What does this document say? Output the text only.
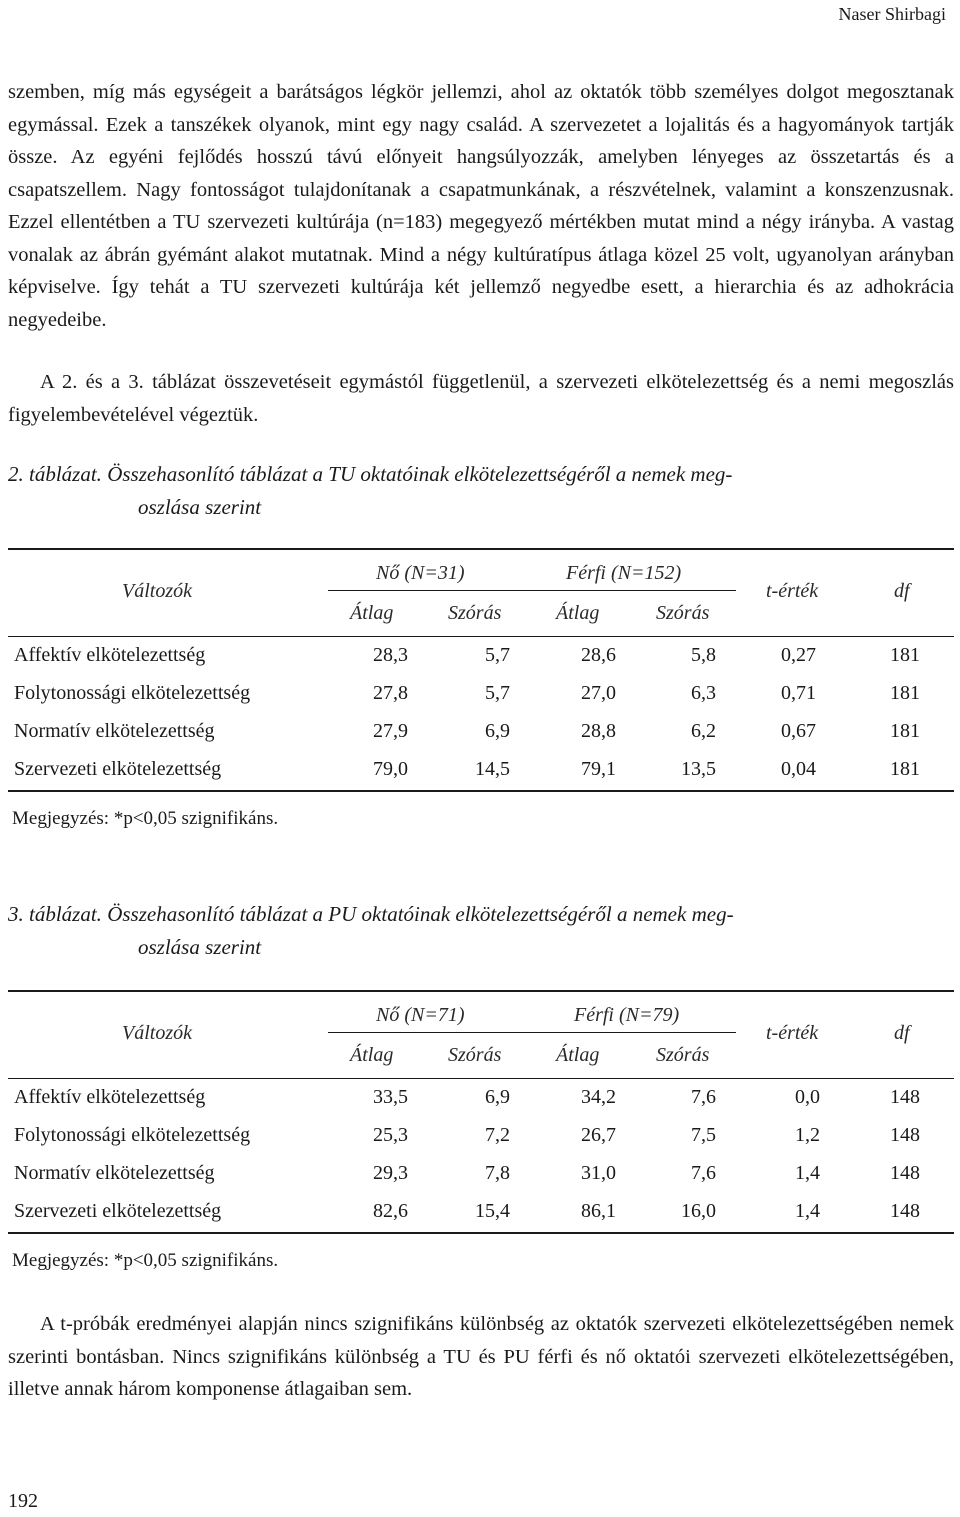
Naser Shirbagi

szemben, míg más egységeit a barátságos légkör jellemzi, ahol az oktatók több személyes dolgot megosztanak egymással. Ezek a tanszékek olyanok, mint egy nagy család. A szervezetet a lojalitás és a hagyományok tartják össze. Az egyéni fejlődés hosszú távú előnyeit hangsúlyozzák, amelyben lényeges az összetartás és a csapatszellem. Nagy fontosságot tulajdonítanak a csapatmunkának, a részvételnek, valamint a konszenzusnak. Ezzel ellentétben a TU szervezeti kultúrája (n=183) megegyező mértékben mutat mind a négy irányba. A vastag vonalak az ábrán gyémánt alakot mutatnak. Mind a négy kultúratípus átlaga közel 25 volt, ugyanolyan arányban képviselve. Így tehát a TU szervezeti kultúrája két jellemző negyedbe esett, a hierarchia és az adhokrácia negyedeibe.

A 2. és a 3. táblázat összevetéseit egymástól függetlenül, a szervezeti elkötelezettség és a nemi megoszlás figyelembevételével végeztük.

2. táblázat. Összehasonlító táblázat a TU oktatóinak elkötelezettségéről a nemek meg-
oszlása szerint

Változók
Nő (N=31)	Férfi (N=152)
Átlag	Szórás	Átlag	Szórás
t-érték	df
Affektív elkötelezettség	28,3	5,7	28,6	5,8	0,27	181
Folytonossági elkötelezettség	27,8	5,7	27,0	6,3	0,71	181
Normatív elkötelezettség	27,9	6,9	28,8	6,2	0,67	181
Szervezeti elkötelezettség	79,0	14,5	79,1	13,5	0,04	181
Megjegyzés: *p<0,05 szignifikáns.

3. táblázat. Összehasonlító táblázat a PU oktatóinak elkötelezettségéről a nemek meg-
oszlása szerint

Változók
Nő (N=71)	Férfi (N=79)
Átlag	Szórás	Átlag	Szórás
t-érték	df
Affektív elkötelezettség	33,5	6,9	34,2	7,6	0,0	148
Folytonossági elkötelezettség	25,3	7,2	26,7	7,5	1,2	148
Normatív elkötelezettség	29,3	7,8	31,0	7,6	1,4	148
Szervezeti elkötelezettség	82,6	15,4	86,1	16,0	1,4	148
Megjegyzés: *p<0,05 szignifikáns.

A t-próbák eredményei alapján nincs szignifikáns különbség az oktatók szervezeti elkötelezettségében nemek szerinti bontásban. Nincs szignifikáns különbség a TU és PU férfi és nő oktatói szervezeti elkötelezettségében, illetve annak három komponense átlagaiban sem.

192
